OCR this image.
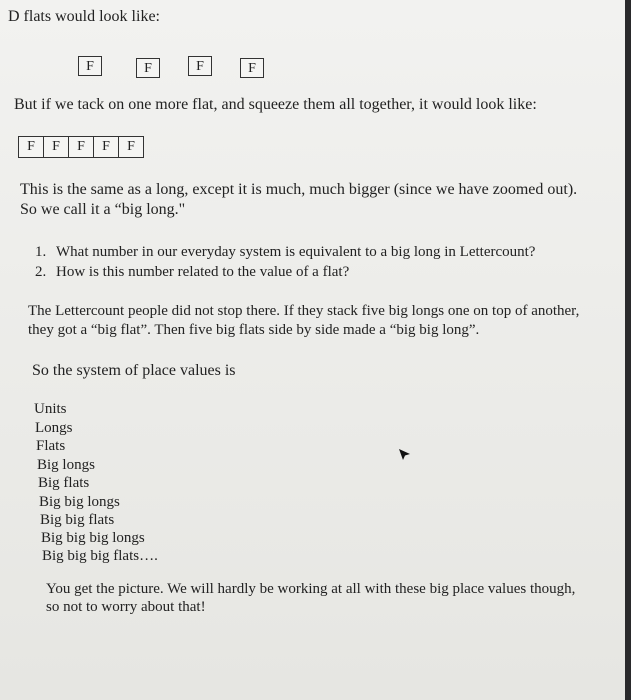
D flats would look like:
F	F	F	F
But if we tack on one more flat, and squeeze them all together, it would look like:
F	F	F	F	F
This is the same as a long, except it is much, much bigger (since we have zoomed out).
So we call it a “big long."
1. What number in our everyday system is equivalent to a big long in Lettercount?
2. How is this number related to the value of a flat?
The Lettercount people did not stop there. If they stack five big longs one on top of another,
they got a “big flat”. Then five big flats side by side made a “big big long”.
So the system of place values is
Units
Longs
Flats
Big longs
Big flats
Big big longs
Big big flats
Big big big longs
Big big big flats….
You get the picture. We will hardly be working at all with these big place values though,
so not to worry about that!
